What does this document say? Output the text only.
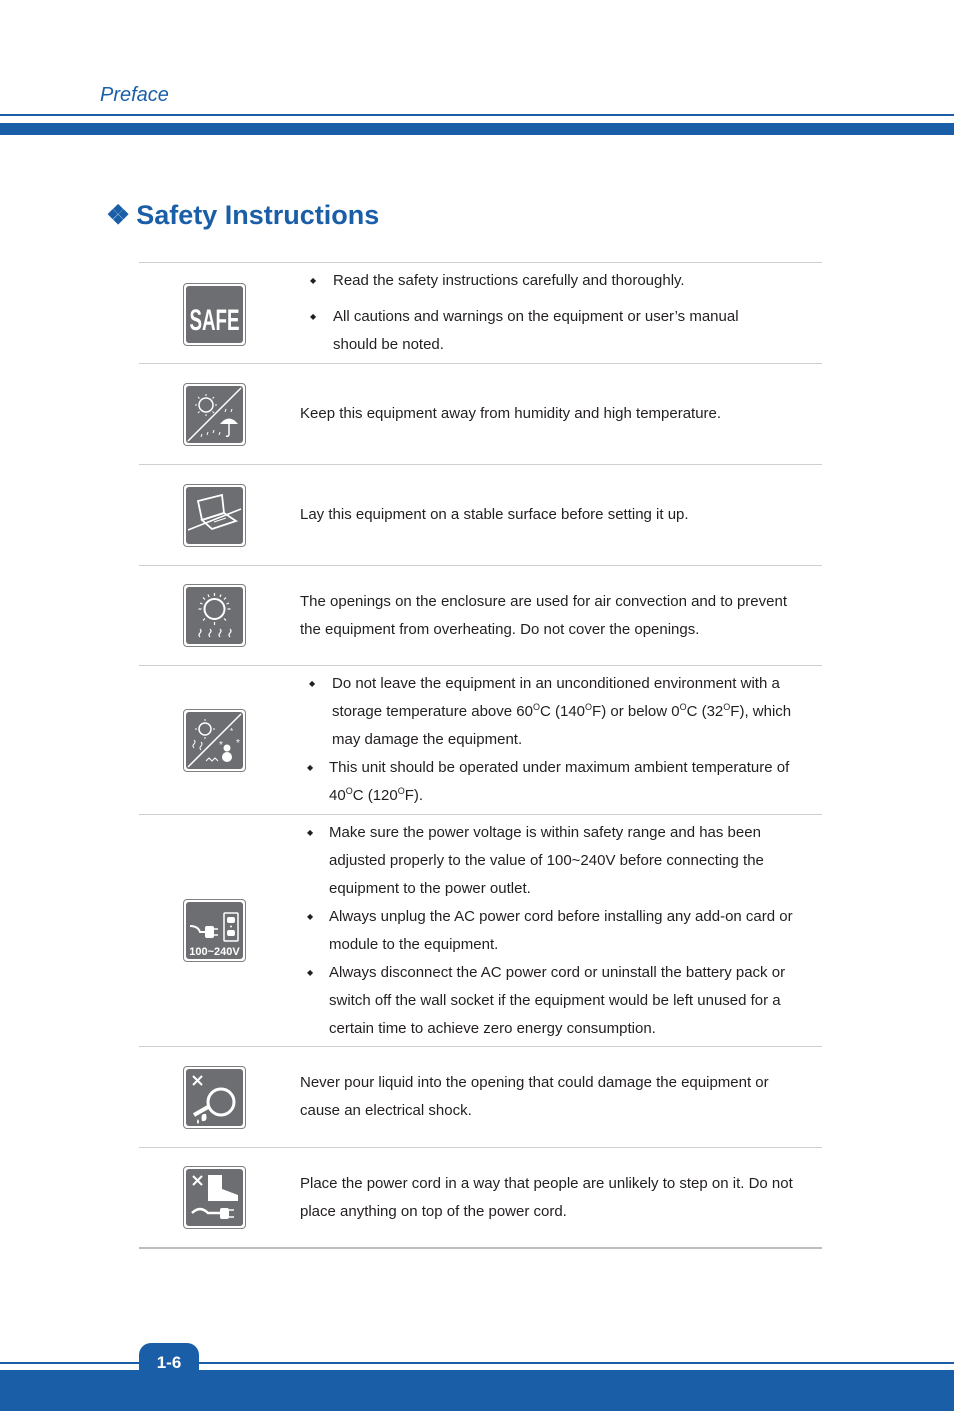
Preface
❖ Safety Instructions
SAFE
◆ Read the safety instructions carefully and thoroughly.
◆ All cautions and warnings on the equipment or user’s manual should be noted.
Keep this equipment away from humidity and high temperature.
Lay this equipment on a stable surface before setting it up.
The openings on the enclosure are used for air convection and to prevent the equipment from overheating. Do not cover the openings.
* *
*
◆ Do not leave the equipment in an unconditioned environment with a storage temperature above $60^OC$ $(140^OF)$ or below $0^OC$ $(32^OF)$, which may damage the equipment.
◆ This unit should be operated under maximum ambient temperature of $40^OC$ $(120^OF)$.
100~240V
◆ Make sure the power voltage is within safety range and has been adjusted properly to the value of 100~240V before connecting the equipment to the power outlet.
◆ Always unplug the AC power cord before installing any add-on card or module to the equipment.
◆ Always disconnect the AC power cord or uninstall the battery pack or switch off the wall socket if the equipment would be left unused for a certain time to achieve zero energy consumption.
Never pour liquid into the opening that could damage the equipment or cause an electrical shock.
Place the power cord in a way that people are unlikely to step on it. Do not place anything on top of the power cord.
1-6
